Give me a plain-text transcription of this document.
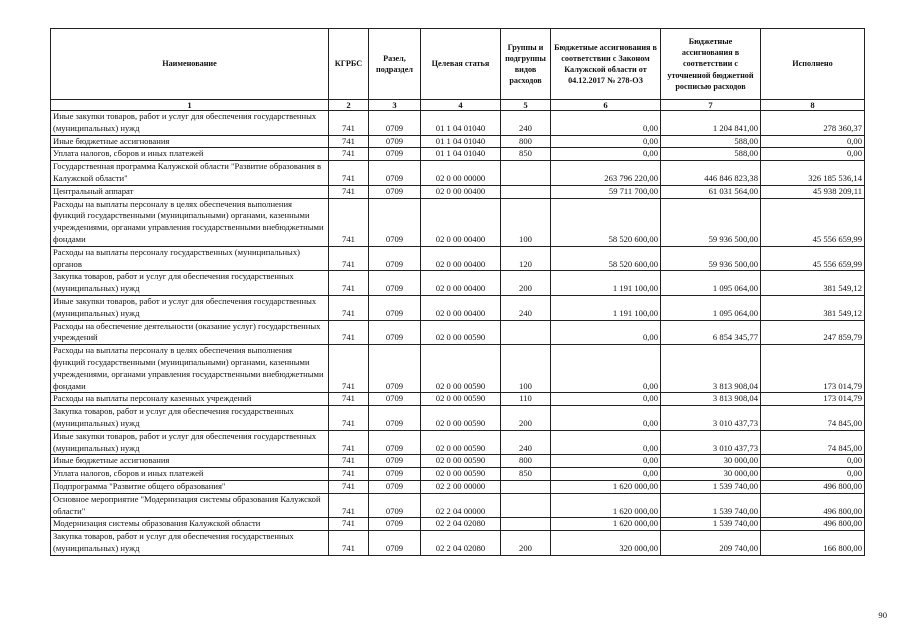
Наименование	КГРБС	Разел, подраздел	Целевая статья	Группы и подгруппы видов расходов	Бюджетные ассигнования в соответствии с Законом Калужской области от 04.12.2017 № 278-ОЗ	Бюджетные ассигнования в соответствии с уточненной бюджетной росписью расходов	Исполнено
1	2	3	4	5	6	7	8
Иные закупки товаров, работ и услуг для обеспечения государственных (муниципальных) нужд	741	0709	01 1 04 01040	240	0,00	1 204 841,00	278 360,37
Иные бюджетные ассигнования	741	0709	01 1 04 01040	800	0,00	588,00	0,00
Уплата налогов, сборов и иных платежей	741	0709	01 1 04 01040	850	0,00	588,00	0,00
Государственная программа Калужской области "Развитие образования в Калужской области"	741	0709	02 0 00 00000		263 796 220,00	446 846 823,38	326 185 536,14
Центральный аппарат	741	0709	02 0 00 00400		59 711 700,00	61 031 564,00	45 938 209,11
Расходы на выплаты персоналу в целях обеспечения выполнения функций государственными (муниципальными) органами, казенными учреждениями, органами управления государственными внебюджетными фондами	741	0709	02 0 00 00400	100	58 520 600,00	59 936 500,00	45 556 659,99
Расходы на выплаты персоналу государственных (муниципальных) органов	741	0709	02 0 00 00400	120	58 520 600,00	59 936 500,00	45 556 659,99
Закупка товаров, работ и услуг для обеспечения государственных (муниципальных) нужд	741	0709	02 0 00 00400	200	1 191 100,00	1 095 064,00	381 549,12
Иные закупки товаров, работ и услуг для обеспечения государственных (муниципальных) нужд	741	0709	02 0 00 00400	240	1 191 100,00	1 095 064,00	381 549,12
Расходы на обеспечение деятельности (оказание услуг) государственных учреждений	741	0709	02 0 00 00590		0,00	6 854 345,77	247 859,79
Расходы на выплаты персоналу в целях обеспечения выполнения функций государственными (муниципальными) органами, казенными учреждениями, органами управления государственными внебюджетными фондами	741	0709	02 0 00 00590	100	0,00	3 813 908,04	173 014,79
Расходы на выплаты персоналу казенных учреждений	741	0709	02 0 00 00590	110	0,00	3 813 908,04	173 014,79
Закупка товаров, работ и услуг для обеспечения государственных (муниципальных) нужд	741	0709	02 0 00 00590	200	0,00	3 010 437,73	74 845,00
Иные закупки товаров, работ и услуг для обеспечения государственных (муниципальных) нужд	741	0709	02 0 00 00590	240	0,00	3 010 437,73	74 845,00
Иные бюджетные ассигнования	741	0709	02 0 00 00590	800	0,00	30 000,00	0,00
Уплата налогов, сборов и иных платежей	741	0709	02 0 00 00590	850	0,00	30 000,00	0,00
Подпрограмма "Развитие общего образования"	741	0709	02 2 00 00000		1 620 000,00	1 539 740,00	496 800,00
Основное мероприятие "Модернизация системы образования Калужской области"	741	0709	02 2 04 00000		1 620 000,00	1 539 740,00	496 800,00
Модернизация системы образования Калужской области	741	0709	02 2 04 02080		1 620 000,00	1 539 740,00	496 800,00
Закупка товаров, работ и услуг для обеспечения государственных (муниципальных) нужд	741	0709	02 2 04 02080	200	320 000,00	209 740,00	166 800,00
90
